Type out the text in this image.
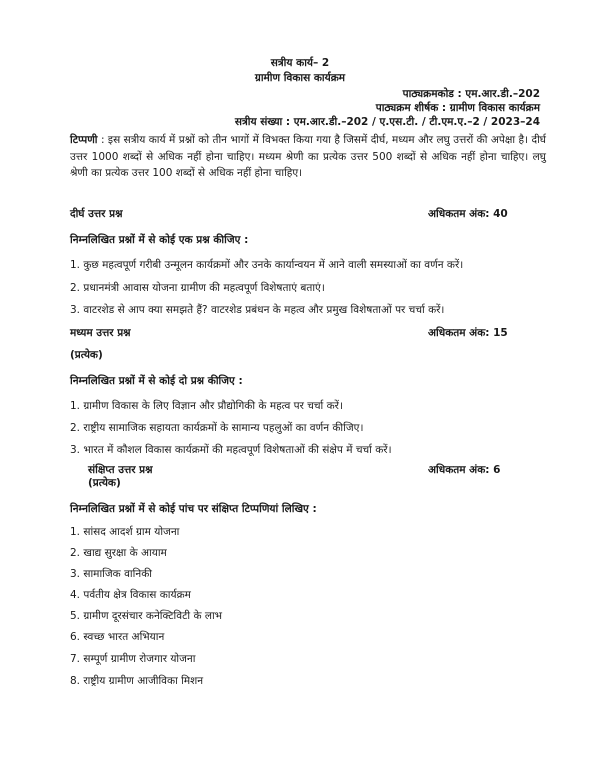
सत्रीय कार्य– 2
ग्रामीण विकास कार्यक्रम
पाठ्यक्रमकोड : एम.आर.डी.–202
पाठ्यक्रम शीर्षक : ग्रामीण विकास कार्यक्रम
सत्रीय संख्या : एम.आर.डी.–202 / ए.एस.टी. / टी.एम.ए.–2 / 2023–24
टिप्पणी : इस सत्रीय कार्य में प्रश्नों को तीन भागों में विभक्त किया गया है जिसमें दीर्घ, मध्यम और लघु उत्तरों की अपेक्षा है। दीर्घ उत्तर 1000 शब्दों से अधिक नहीं होना चाहिए। मध्यम श्रेणी का प्रत्येक उत्तर 500 शब्दों से अधिक नहीं होना चाहिए। लघु श्रेणी का प्रत्येक उत्तर 100 शब्दों से अधिक नहीं होना चाहिए।
दीर्घ उत्तर प्रश्न	अधिकतम अंक: 40
निम्नलिखित प्रश्नों में से कोई एक प्रश्न कीजिए :
1. कुछ महत्वपूर्ण गरीबी उन्मूलन कार्यक्रमों और उनके कार्यान्वयन में आने वाली समस्याओं का वर्णन करें।
2. प्रधानमंत्री आवास योजना ग्रामीण की महत्वपूर्ण विशेषताएं बताएं।
3. वाटरशेड से आप क्या समझते हैं? वाटरशेड प्रबंधन के महत्व और प्रमुख विशेषताओं पर चर्चा करें।
मध्यम उत्तर प्रश्न	अधिकतम अंक: 15
(प्रत्येक)
निम्नलिखित प्रश्नों में से कोई दो प्रश्न कीजिए :
1. ग्रामीण विकास के लिए विज्ञान और प्रौद्योगिकी के महत्व पर चर्चा करें।
2. राष्ट्रीय सामाजिक सहायता कार्यक्रमों के सामान्य पहलुओं का वर्णन कीजिए।
3. भारत में कौशल विकास कार्यक्रमों की महत्वपूर्ण विशेषताओं की संक्षेप में चर्चा करें।
संक्षिप्त उत्तर प्रश्न	अधिकतम अंक: 6
(प्रत्येक)
निम्नलिखित प्रश्नों में से कोई पांच पर संक्षिप्त टिप्पणियां लिखिए :
1. सांसद आदर्श ग्राम योजना
2. खाद्य सुरक्षा के आयाम
3. सामाजिक वानिकी
4. पर्वतीय क्षेत्र विकास कार्यक्रम
5. ग्रामीण दूरसंचार कनेक्टिविटी के लाभ
6. स्वच्छ भारत अभियान
7. सम्पूर्ण ग्रामीण रोजगार योजना
8. राष्ट्रीय ग्रामीण आजीविका मिशन
